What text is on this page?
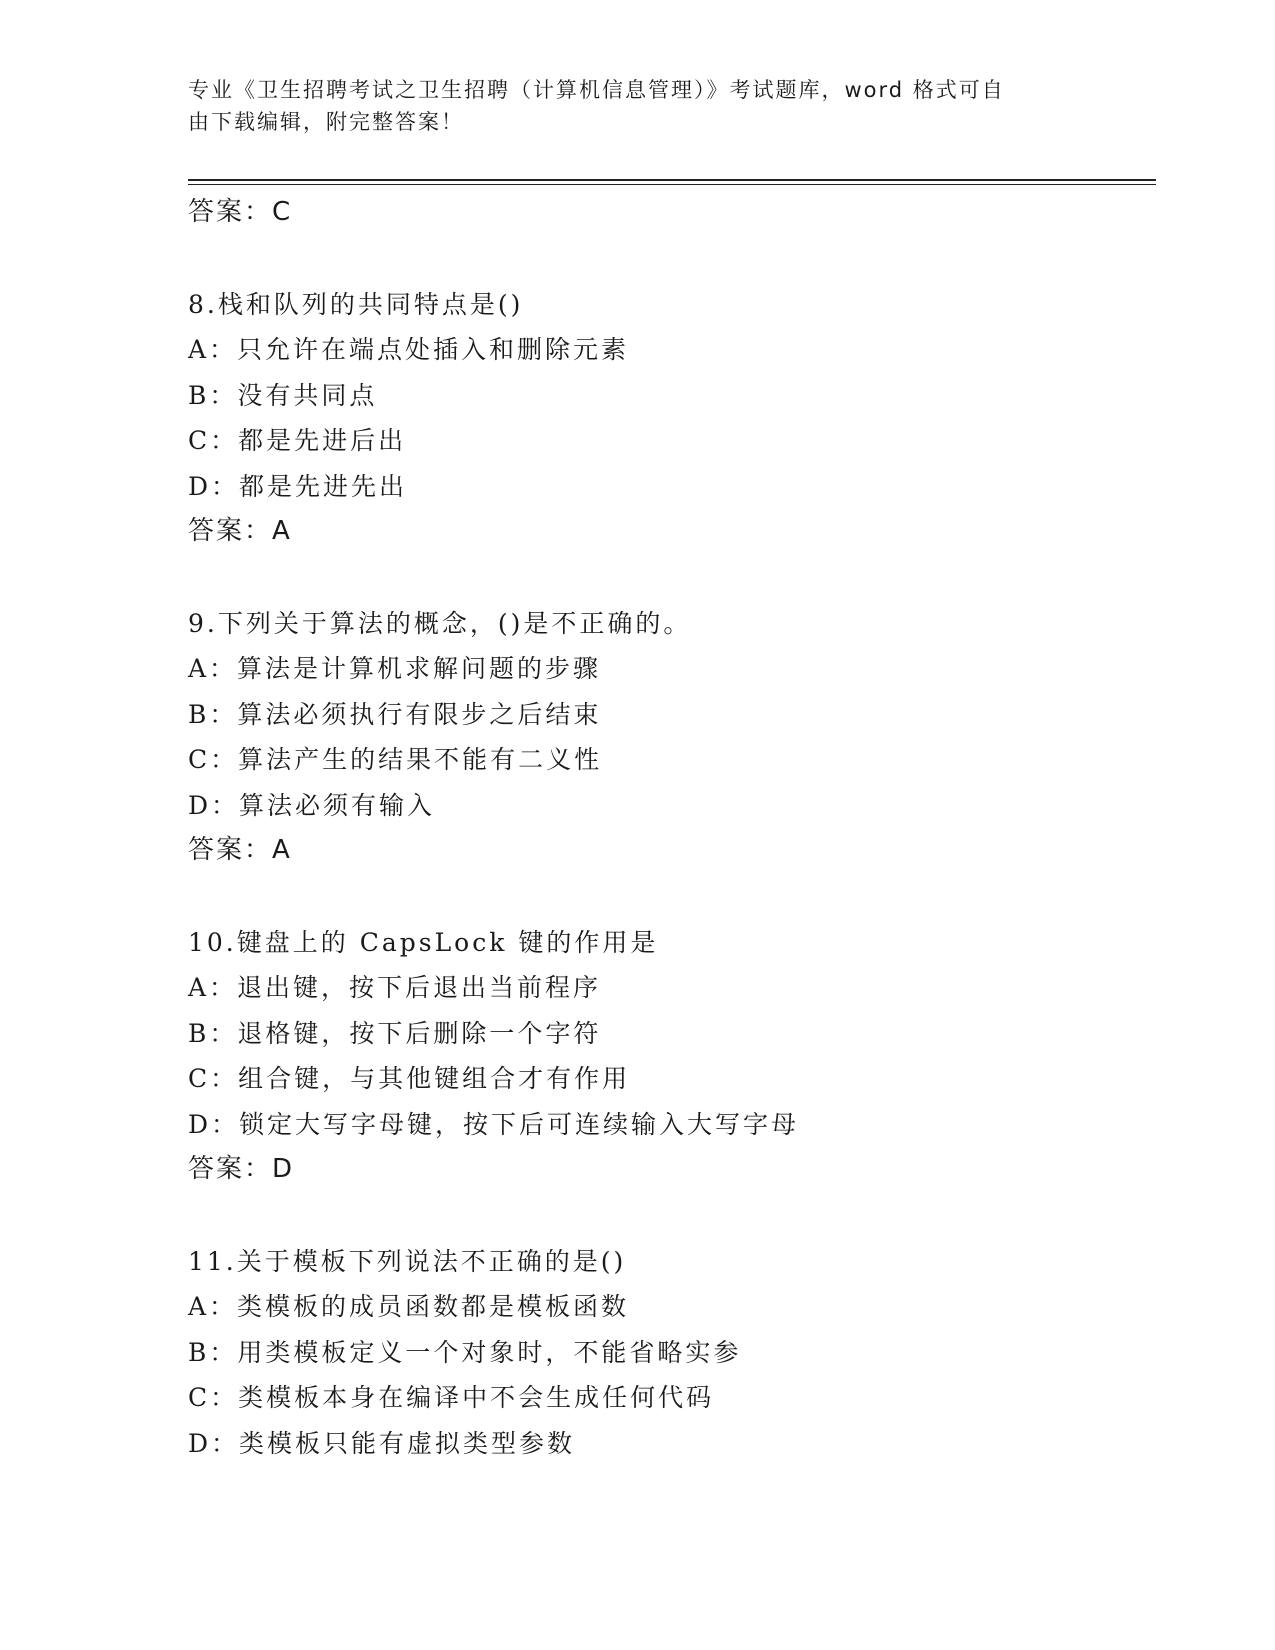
专业《卫生招聘考试之卫生招聘（计算机信息管理）》考试题库，word 格式可自
由下载编辑，附完整答案！
答案：C
8.栈和队列的共同特点是()
A：只允许在端点处插入和删除元素
B：没有共同点
C：都是先进后出
D：都是先进先出
答案：A
9.下列关于算法的概念，()是不正确的。
A：算法是计算机求解问题的步骤
B：算法必须执行有限步之后结束
C：算法产生的结果不能有二义性
D：算法必须有输入
答案：A
10.键盘上的 CapsLock 键的作用是
A：退出键，按下后退出当前程序
B：退格键，按下后删除一个字符
C：组合键，与其他键组合才有作用
D：锁定大写字母键，按下后可连续输入大写字母
答案：D
11.关于模板下列说法不正确的是()
A：类模板的成员函数都是模板函数
B：用类模板定义一个对象时，不能省略实参
C：类模板本身在编译中不会生成任何代码
D：类模板只能有虚拟类型参数
